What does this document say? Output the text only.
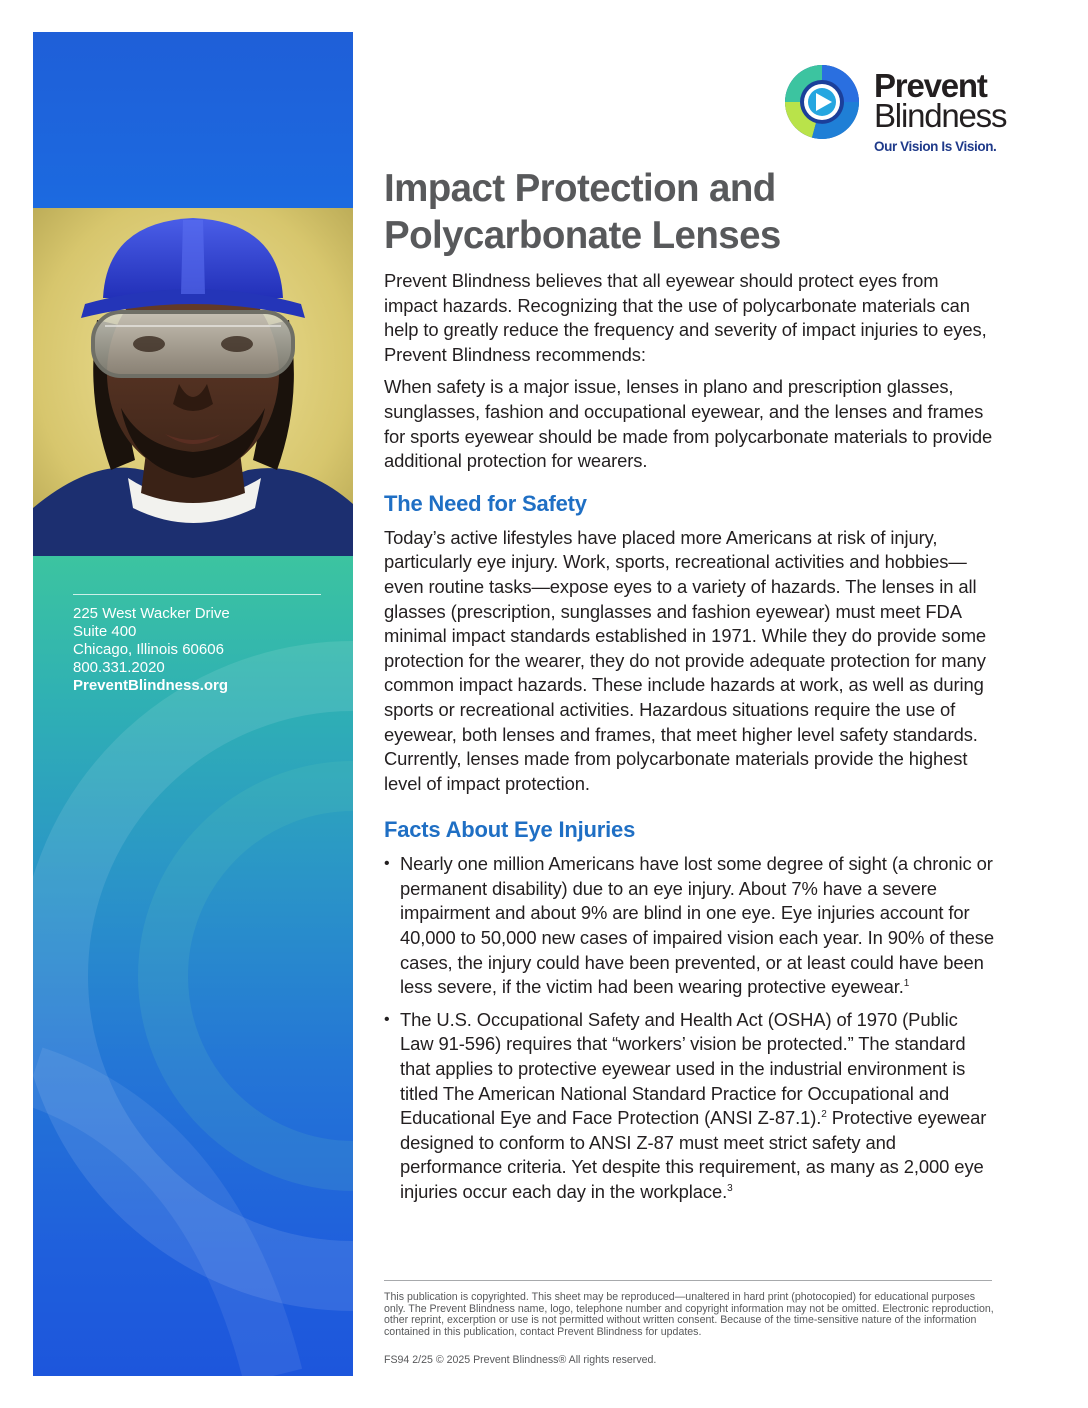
225 West Wacker Drive
Suite 400
Chicago, Illinois 60606
800.331.2020
PreventBlindness.org
Prevent
Blindness
Our Vision Is Vision.
Impact Protection and
Polycarbonate Lenses

Prevent Blindness believes that all eyewear should protect eyes from impact hazards. Recognizing that the use of polycarbonate materials can help to greatly reduce the frequency and severity of impact injuries to eyes, Prevent Blindness recommends:

When safety is a major issue, lenses in plano and prescription glasses, sunglasses, fashion and occupational eyewear, and the lenses and frames for sports eyewear should be made from polycarbonate materials to provide additional protection for wearers.

The Need for Safety

Today’s active lifestyles have placed more Americans at risk of injury, particularly eye injury. Work, sports, recreational activities and hobbies—even routine tasks—expose eyes to a variety of hazards. The lenses in all glasses (prescription, sunglasses and fashion eyewear) must meet FDA minimal impact standards established in 1971. While they do provide some protection for the wearer, they do not provide adequate protection for many common impact hazards. These include hazards at work, as well as during sports or recreational activities. Hazardous situations require the use of eyewear, both lenses and frames, that meet higher level safety standards. Currently, lenses made from polycarbonate materials provide the highest level of impact protection.

Facts About Eye Injuries
• Nearly one million Americans have lost some degree of sight (a chronic or permanent disability) due to an eye injury. About 7% have a severe impairment and about 9% are blind in one eye. Eye injuries account for 40,000 to 50,000 new cases of impaired vision each year. In 90% of these cases, the injury could have been prevented, or at least could have been less severe, if the victim had been wearing protective eyewear.$^1$
• The U.S. Occupational Safety and Health Act (OSHA) of 1970 (Public Law 91-596) requires that “workers’ vision be protected.” The standard that applies to protective eyewear used in the industrial environment is titled The American National Standard Practice for Occupational and Educational Eye and Face Protection (ANSI Z-87.1).$^2$ Protective eyewear designed to conform to ANSI Z-87 must meet strict safety and performance criteria. Yet despite this requirement, as many as 2,000 eye injuries occur each day in the workplace.$^3$

This publication is copyrighted. This sheet may be reproduced—unaltered in hard print (photocopied) for educational purposes only. The Prevent Blindness name, logo, telephone number and copyright information may not be omitted. Electronic reproduction, other reprint, excerption or use is not permitted without written consent. Because of the time-sensitive nature of the information contained in this publication, contact Prevent Blindness for updates.

FS94 2/25 © 2025 Prevent Blindness® All rights reserved.
